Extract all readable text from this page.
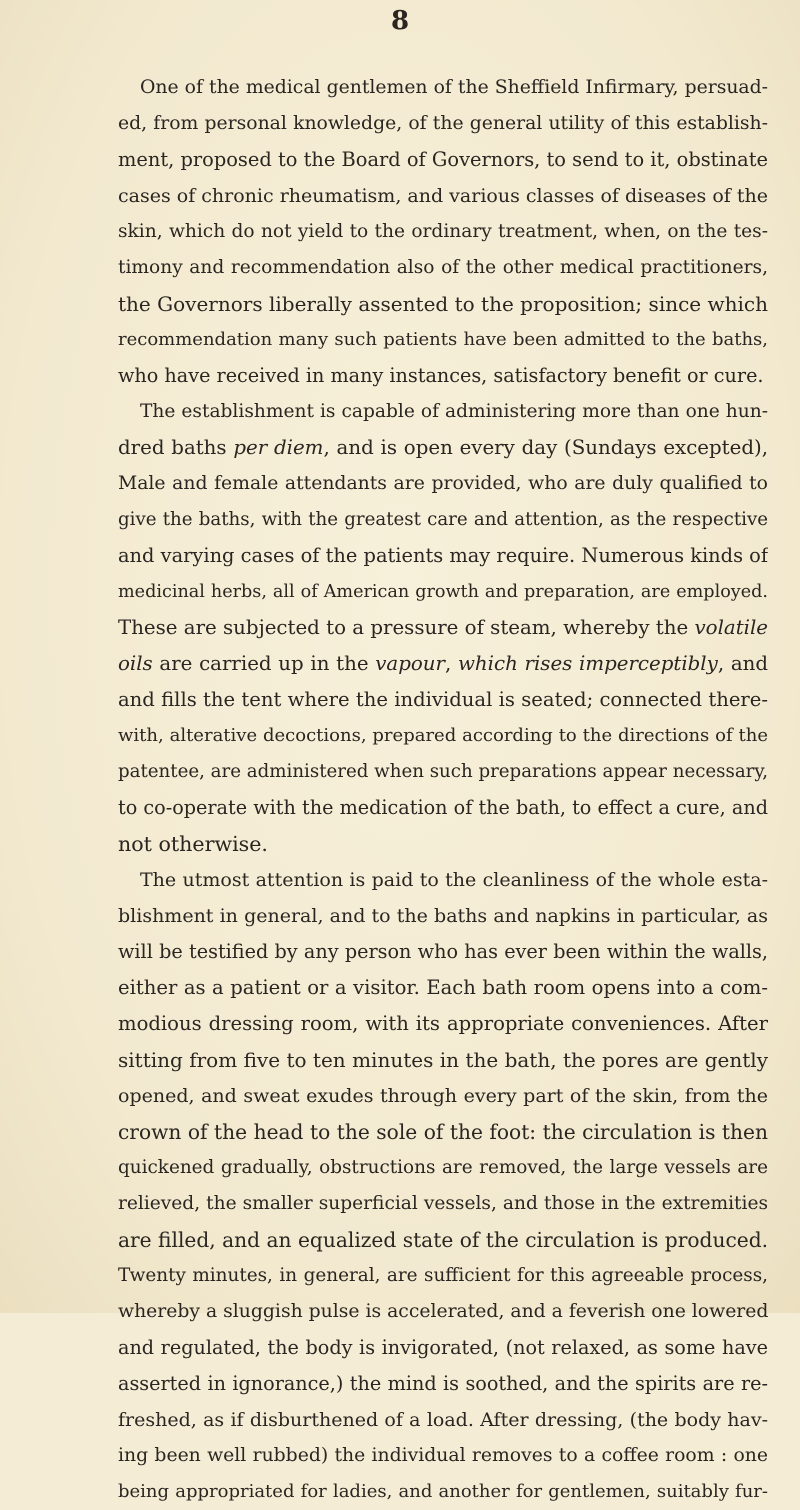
8

One of the medical gentlemen of the Sheffield Infirmary, persuad-
ed, from personal knowledge, of the general utility of this establish-
ment, proposed to the Board of Governors, to send to it, obstinate
cases of chronic rheumatism, and various classes of diseases of the
skin, which do not yield to the ordinary treatment, when, on the tes-
timony and recommendation also of the other medical practitioners,
the Governors liberally assented to the proposition; since which
recommendation many such patients have been admitted to the baths,
who have received in many instances, satisfactory benefit or cure.

The establishment is capable of administering more than one hun-
dred baths per diem, and is open every day (Sundays excepted),
Male and female attendants are provided, who are duly qualified to
give the baths, with the greatest care and attention, as the respective
and varying cases of the patients may require. Numerous kinds of
medicinal herbs, all of American growth and preparation, are employed.
These are subjected to a pressure of steam, whereby the volatile
oils are carried up in the vapour, which rises imperceptibly, and
and fills the tent where the individual is seated; connected there-
with, alterative decoctions, prepared according to the directions of the
patentee, are administered when such preparations appear necessary,
to co-operate with the medication of the bath, to effect a cure, and
not otherwise.

The utmost attention is paid to the cleanliness of the whole esta-
blishment in general, and to the baths and napkins in particular, as
will be testified by any person who has ever been within the walls,
either as a patient or a visitor. Each bath room opens into a com-
modious dressing room, with its appropriate conveniences. After
sitting from five to ten minutes in the bath, the pores are gently
opened, and sweat exudes through every part of the skin, from the
crown of the head to the sole of the foot: the circulation is then
quickened gradually, obstructions are removed, the large vessels are
relieved, the smaller superficial vessels, and those in the extremities
are filled, and an equalized state of the circulation is produced.
Twenty minutes, in general, are sufficient for this agreeable process,
whereby a sluggish pulse is accelerated, and a feverish one lowered
and regulated, the body is invigorated, (not relaxed, as some have
asserted in ignorance,) the mind is soothed, and the spirits are re-
freshed, as if disburthened of a load. After dressing, (the body hav-
ing been well rubbed) the individual removes to a coffee room : one
being appropriated for ladies, and another for gentlemen, suitably fur-
